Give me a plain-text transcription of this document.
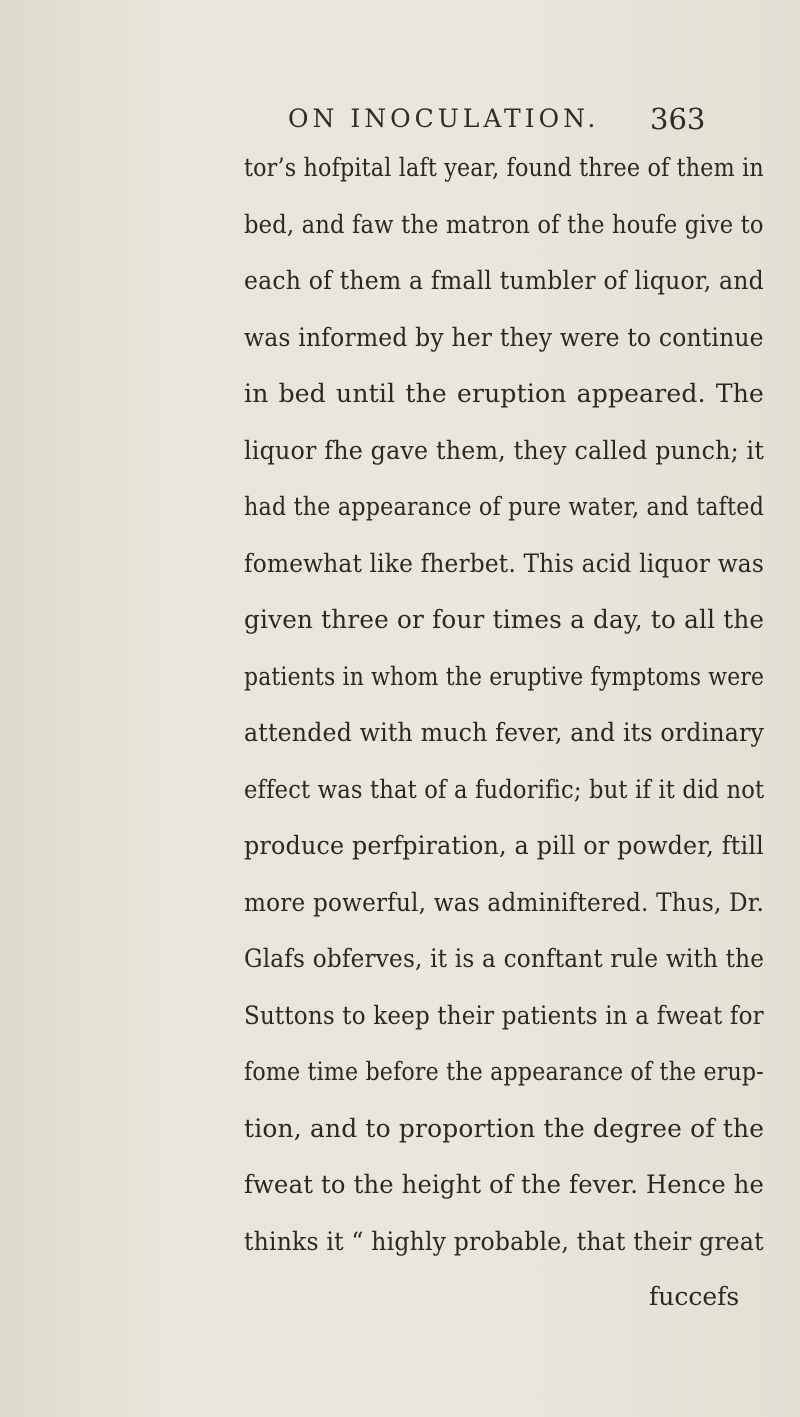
ON INOCULATION. 363
tor’s hofpital laft year, found three of them in
bed, and faw the matron of the houfe give to
each of them a fmall tumbler of liquor, and
was informed by her they were to continue
in bed until the eruption appeared. The
liquor fhe gave them, they called punch; it
had the appearance of pure water, and tafted
fomewhat like fherbet. This acid liquor was
given three or four times a day, to all the
patients in whom the eruptive fymptoms were
attended with much fever, and its ordinary
effect was that of a fudorific; but if it did not
produce perfpiration, a pill or powder, ftill
more powerful, was adminiftered. Thus, Dr.
Glafs obferves, it is a conftant rule with the
Suttons to keep their patients in a fweat for
fome time before the appearance of the erup-
tion, and to proportion the degree of the
fweat to the height of the fever. Hence he
thinks it “ highly probable, that their great
fuccefs
